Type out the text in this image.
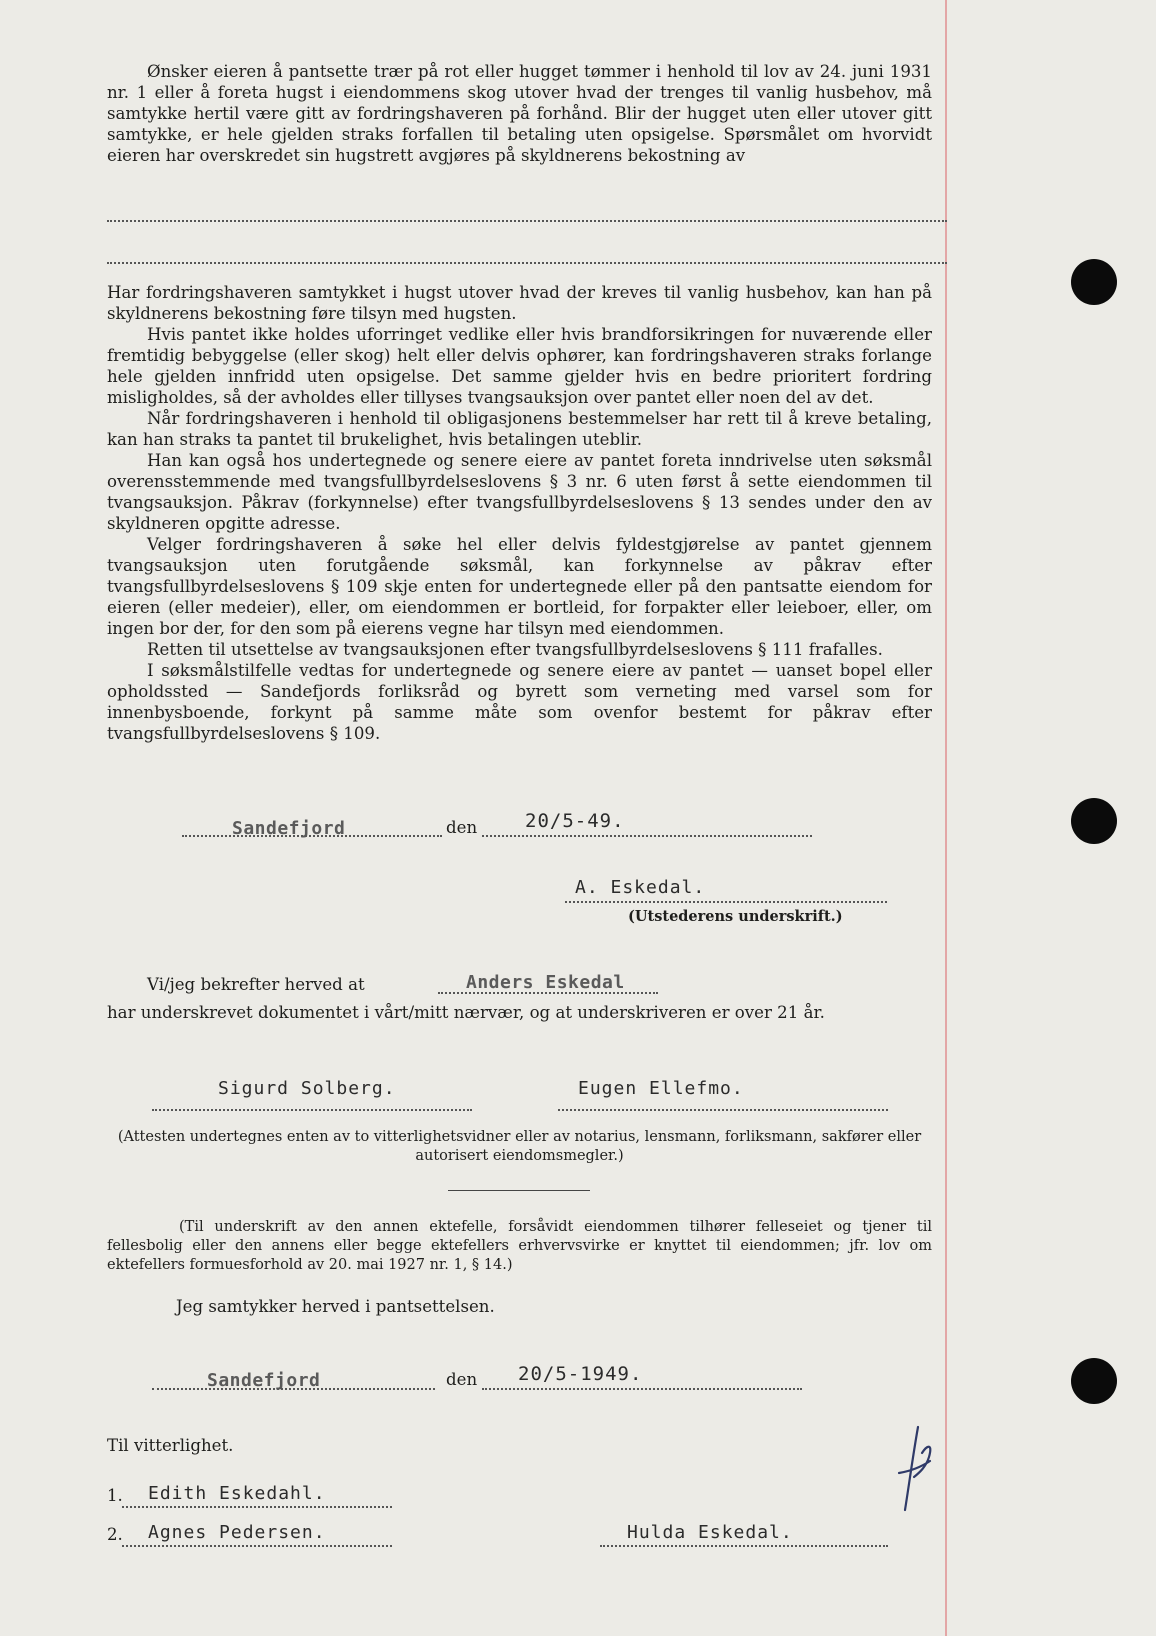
Ønsker eieren å pantsette trær på rot eller hugget tømmer i henhold til lov av 24. juni 1931 nr. 1 eller å foreta hugst i eiendommens skog utover hvad der trenges til vanlig husbehov, må samtykke hertil være gitt av fordringshaveren på forhånd. Blir der hugget uten eller utover gitt samtykke, er hele gjelden straks forfallen til betaling uten opsigelse. Spørsmålet om hvorvidt eieren har overskredet sin hugstrett avgjøres på skyldnerens bekostning av

Har fordringshaveren samtykket i hugst utover hvad der kreves til vanlig husbehov, kan han på skyldnerens bekostning føre tilsyn med hugsten.

Hvis pantet ikke holdes uforringet vedlike eller hvis brandforsikringen for nuværende eller fremtidig bebyggelse (eller skog) helt eller delvis ophører, kan fordringshaveren straks forlange hele gjelden innfridd uten opsigelse. Det samme gjelder hvis en bedre prioritert fordring misligholdes, så der avholdes eller tillyses tvangsauksjon over pantet eller noen del av det.

Når fordringshaveren i henhold til obligasjonens bestemmelser har rett til å kreve betaling, kan han straks ta pantet til brukelighet, hvis betalingen uteblir.

Han kan også hos undertegnede og senere eiere av pantet foreta inndrivelse uten søksmål overensstemmende med tvangsfullbyrdelseslovens § 3 nr. 6 uten først å sette eiendommen til tvangsauksjon. Påkrav (forkynnelse) efter tvangsfullbyrdelseslovens § 13 sendes under den av skyldneren opgitte adresse.

Velger fordringshaveren å søke hel eller delvis fyldestgjørelse av pantet gjennem tvangsauksjon uten forutgående søksmål, kan forkynnelse av påkrav efter tvangsfullbyrdelseslovens § 109 skje enten for undertegnede eller på den pantsatte eiendom for eieren (eller medeier), eller, om eiendommen er bortleid, for forpakter eller leieboer, eller, om ingen bor der, for den som på eierens vegne har tilsyn med eiendommen.

Retten til utsettelse av tvangsauksjonen efter tvangsfullbyrdelseslovens § 111 frafalles.

I søksmålstilfelle vedtas for undertegnede og senere eiere av pantet — uanset bopel eller opholdssted — Sandefjords forliksråd og byrett som verneting med varsel som for innenbysboende, forkynt på samme måte som ovenfor bestemt for påkrav efter tvangsfullbyrdelseslovens § 109.

Sandefjord	den	20/5-49.
A. Eskedal.
(Utstederens underskrift.)
Vi/jeg bekrefter herved at	Anders Eskedal
har underskrevet dokumentet i vårt/mitt nærvær, og at underskriveren er over 21 år.
Sigurd Solberg.	Eugen Ellefmo.
(Attesten undertegnes enten av to vitterlighetsvidner eller av notarius, lensmann, forliksmann, sakfører eller autorisert eiendomsmegler.)
(Til underskrift av den annen ektefelle, forsåvidt eiendommen tilhører felleseiet og tjener til fellesbolig eller den annens eller begge ektefellers erhvervsvirke er knyttet til eiendommen; jfr. lov om ektefellers formuesforhold av 20. mai 1927 nr. 1, § 14.)
Jeg samtykker herved i pantsettelsen.
Sandefjord	den 20/5-1949.
Til vitterlighet.
1. Edith Eskedahl.
2. Agnes Pedersen.	Hulda Eskedal.
